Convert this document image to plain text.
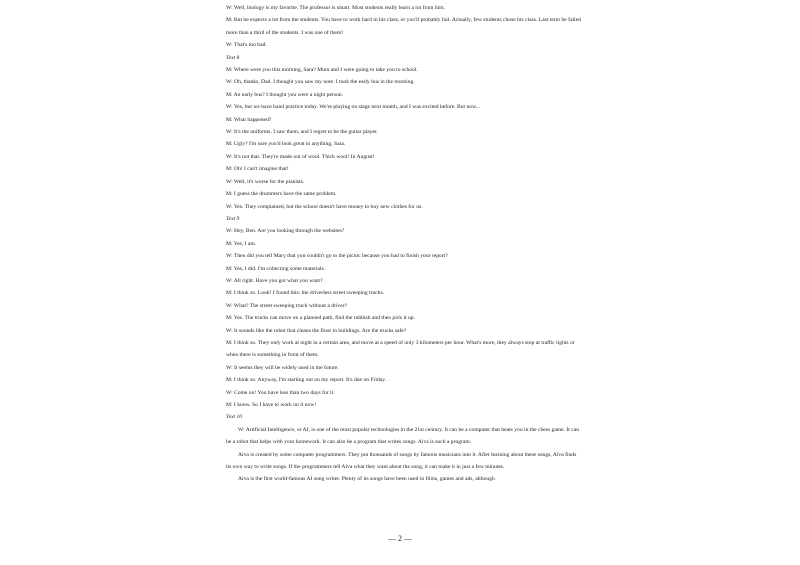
W: Well, biology is my favorite. The professor is smart. Most students really learn a lot from him.
M: But he expects a lot from the students. You have to work hard in his class, or you'll probably fail. Actually, few students chose his class. Last term he failed more than a third of the students. I was one of them!
W: That's too bad.
Text 8
M: Where were you this morning, Sara? Mum and I were going to take you to school.
W: Oh, thanks, Dad. I thought you saw my note. I took the early bus in the morning.
M: An early bus? I thought you were a night person.
W: Yes, but we have band practice today. We're playing on stage next month, and I was excited before. But now...
M: What happened?
W: It's the uniforms. I saw them, and I regret to be the guitar player.
M: Ugly? I'm sure you'd look great in anything, Sara.
W: It's not that. They're made out of wool. Thick wool! In August!
M: Oh! I can't imagine that!
W: Well, it's worse for the pianists.
M: I guess the drummers have the same problem.
W: Yes. They complained, but the school doesn't have money to buy new clothes for us.
Text 9
W: Hey, Ben. Are you looking through the websites?
M: Yes, I am.
W: Then did you tell Mary that you couldn't go to the picnic because you had to finish your report?
M: Yes, I did. I'm collecting some materials.
W: All right. Have you got what you want?
M: I think so. Look! I found this: the driverless street sweeping trucks.
W: What? The street sweeping truck without a driver?
M: Yes. The trucks can move on a planned path, find the rubbish and then pick it up.
W: It sounds like the robot that cleans the floor in buildings. Are the trucks safe?
M: I think so. They only work at night in a certain area, and move at a speed of only 3 kilometers per hour. What's more, they always stop at traffic lights or when there is something in front of them.
W: It seems they will be widely used in the future.
M: I think so. Anyway, I'm starting out on my report. It's due on Friday.
W: Come on! You have less than two days for it.
M: I know. So I have to work on it now!
Text 10
W: Artificial Intelligence, or AI, is one of the most popular technologies in the 21st century. It can be a computer that beats you in the chess game. It can be a robot that helps with your homework. It can also be a program that writes songs. Aiva is such a program.
Aiva is created by some computer programmers. They put thousands of songs by famous musicians into it. After learning about these songs, Aiva finds its own way to write songs. If the programmers tell Aiva what they want about the song, it can make it in just a few minutes.
Aiva is the first world-famous AI song writer. Plenty of its songs have been used in films, games and ads, although
— 2 —
